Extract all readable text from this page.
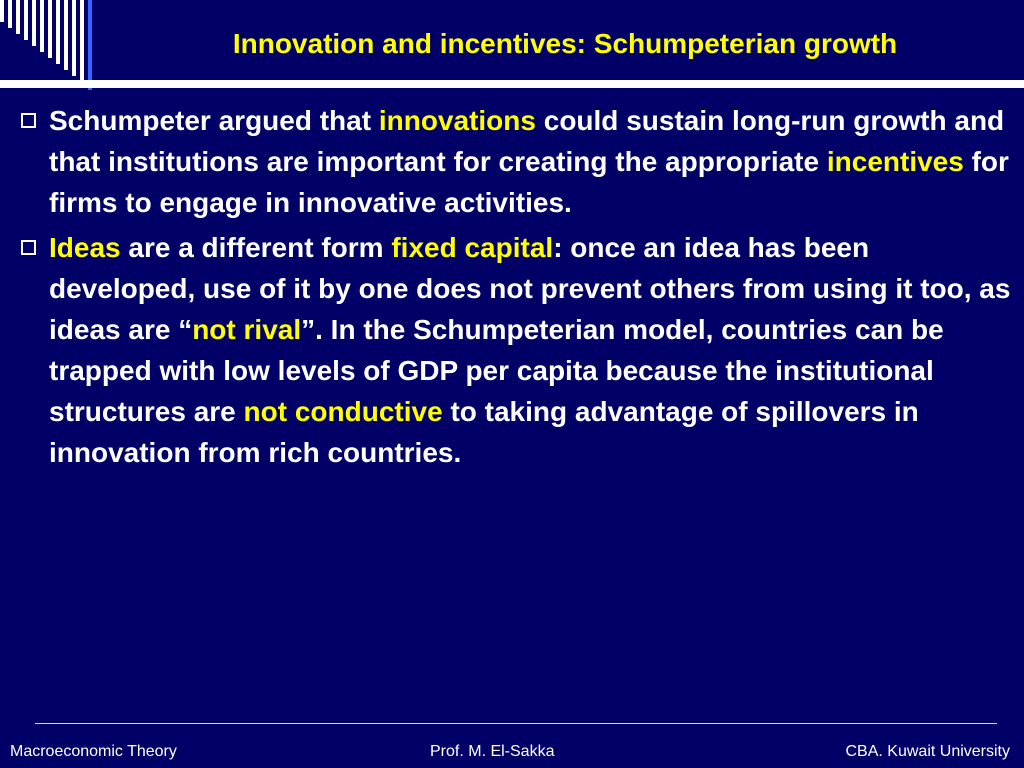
Innovation and incentives: Schumpeterian growth
Schumpeter argued that innovations could sustain long-run growth and that institutions are important for creating the appropriate incentives for firms to engage in innovative activities.
Ideas are a different form fixed capital: once an idea has been developed, use of it by one does not prevent others from using it too, as ideas are “not rival”. In the Schumpeterian model, countries can be trapped with low levels of GDP per capita because the institutional structures are not conductive to taking advantage of spillovers in innovation from rich countries.
Macroeconomic Theory	Prof. M. El-Sakka	CBA. Kuwait University
